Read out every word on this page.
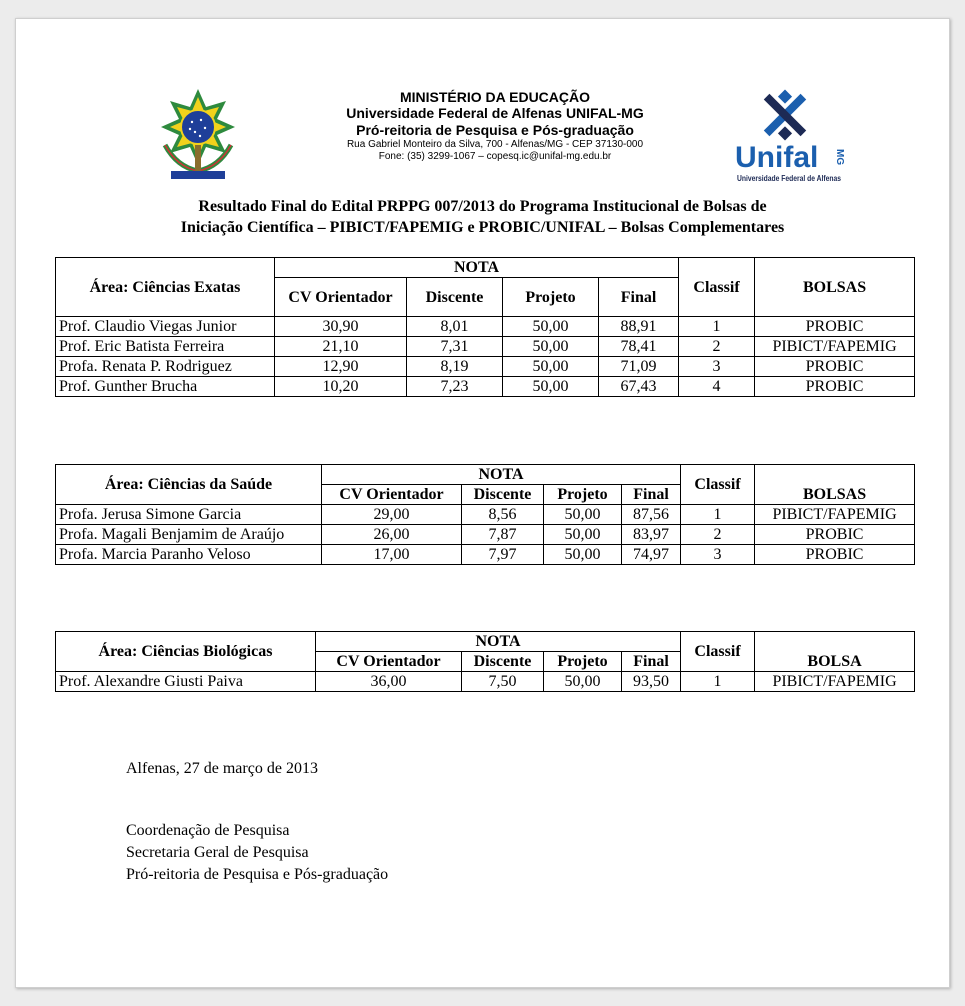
MINISTÉRIO DA EDUCAÇÃO
Universidade Federal de Alfenas UNIFAL-MG
Pró-reitoria de Pesquisa e Pós-graduação
Rua Gabriel Monteiro da Silva, 700 - Alfenas/MG - CEP 37130-000
Fone: (35) 3299-1067 – copesq.ic@unifal-mg.edu.br	Unifal MG
Universidade Federal de Alfenas
Resultado Final do Edital PRPPG 007/2013 do Programa Institucional de Bolsas de
Iniciação Científica – PIBICT/FAPEMIG e PROBIC/UNIFAL – Bolsas Complementares
Área: Ciências Exatas	NOTA				Classif	
	CV Orientador	Discente	Projeto	Final		BOLSAS
Prof. Claudio Viegas Junior	30,90	8,01	50,00	88,91	1	PROBIC
Prof. Eric Batista Ferreira	21,10	7,31	50,00	78,41	2	PIBICT/FAPEMIG
Profa. Renata P. Rodriguez	12,90	8,19	50,00	71,09	3	PROBIC
Prof. Gunther Brucha	10,20	7,23	50,00	67,43	4	PROBIC
Área: Ciências da Saúde	NOTA				Classif	
	CV Orientador	Discente	Projeto	Final		BOLSAS
Profa. Jerusa Simone Garcia	29,00	8,56	50,00	87,56	1	PIBICT/FAPEMIG
Profa. Magali Benjamim de Araújo	26,00	7,87	50,00	83,97	2	PROBIC
Profa. Marcia Paranho Veloso	17,00	7,97	50,00	74,97	3	PROBIC
Área: Ciências Biológicas	NOTA				Classif	
	CV Orientador	Discente	Projeto	Final		BOLSA
Prof. Alexandre Giusti Paiva	36,00	7,50	50,00	93,50	1	PIBICT/FAPEMIG
Alfenas, 27 de março de 2013
Coordenação de Pesquisa
Secretaria Geral de Pesquisa
Pró-reitoria de Pesquisa e Pós-graduação
